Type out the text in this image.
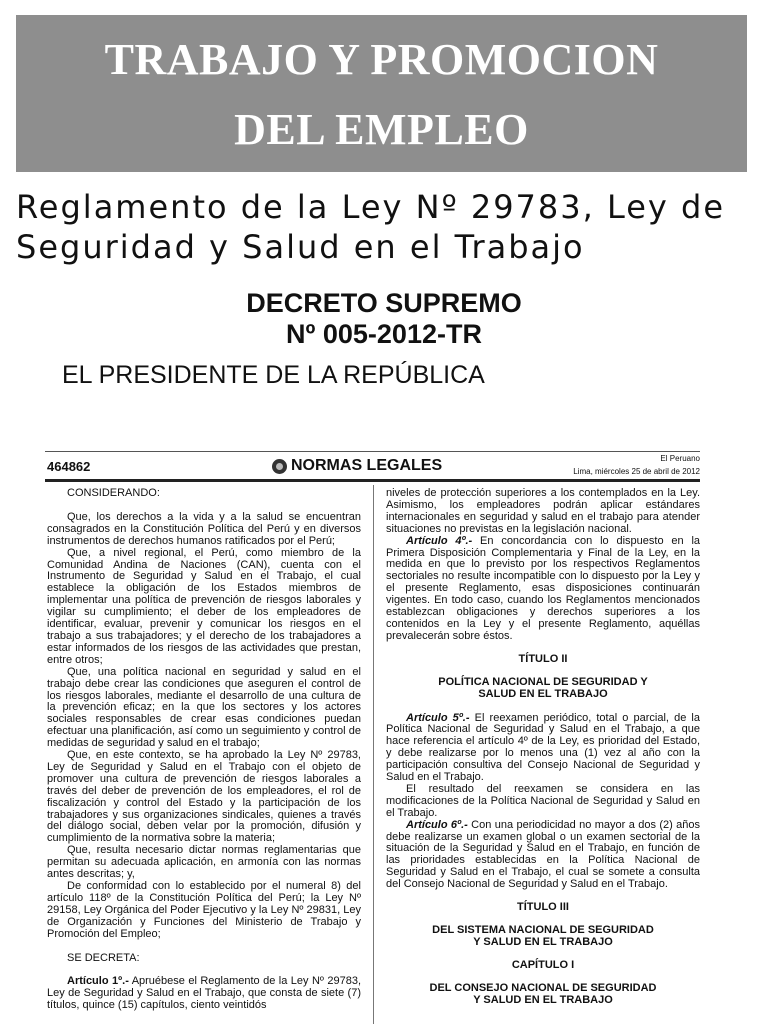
TRABAJO Y PROMOCION
DEL EMPLEO
Reglamento de la Ley Nº 29783, Ley de Seguridad y Salud en el Trabajo
DECRETO SUPREMO
Nº 005-2012-TR
EL PRESIDENTE DE LA REPÚBLICA
464862	NORMAS LEGALES	El Peruano
Lima, miércoles 25 de abril de 2012

CONSIDERANDO:

Que, los derechos a la vida y a la salud se encuentran consagrados en la Constitución Política del Perú y en diversos instrumentos de derechos humanos ratificados por el Perú;

Que, a nivel regional, el Perú, como miembro de la Comunidad Andina de Naciones (CAN), cuenta con el Instrumento de Seguridad y Salud en el Trabajo, el cual establece la obligación de los Estados miembros de implementar una política de prevención de riesgos laborales y vigilar su cumplimiento; el deber de los empleadores de identificar, evaluar, prevenir y comunicar los riesgos en el trabajo a sus trabajadores; y el derecho de los trabajadores a estar informados de los riesgos de las actividades que prestan, entre otros;

Que, una política nacional en seguridad y salud en el trabajo debe crear las condiciones que aseguren el control de los riesgos laborales, mediante el desarrollo de una cultura de la prevención eficaz; en la que los sectores y los actores sociales responsables de crear esas condiciones puedan efectuar una planificación, así como un seguimiento y control de medidas de seguridad y salud en el trabajo;

Que, en este contexto, se ha aprobado la Ley Nº 29783, Ley de Seguridad y Salud en el Trabajo con el objeto de promover una cultura de prevención de riesgos laborales a través del deber de prevención de los empleadores, el rol de fiscalización y control del Estado y la participación de los trabajadores y sus organizaciones sindicales, quienes a través del diálogo social, deben velar por la promoción, difusión y cumplimiento de la normativa sobre la materia;

Que, resulta necesario dictar normas reglamentarias que permitan su adecuada aplicación, en armonía con las normas antes descritas; y,

De conformidad con lo establecido por el numeral 8) del artículo 118º de la Constitución Política del Perú; la Ley Nº 29158, Ley Orgánica del Poder Ejecutivo y la Ley Nº 29831, Ley de Organización y Funciones del Ministerio de Trabajo y Promoción del Empleo;

SE DECRETA:

Artículo 1º.- Apruébese el Reglamento de la Ley Nº 29783, Ley de Seguridad y Salud en el Trabajo, que consta de siete (7) títulos, quince (15) capítulos, ciento veintidós

niveles de protección superiores a los contemplados en la Ley. Asimismo, los empleadores podrán aplicar estándares internacionales en seguridad y salud en el trabajo para atender situaciones no previstas en la legislación nacional.

Artículo 4º.- En concordancia con lo dispuesto en la Primera Disposición Complementaria y Final de la Ley, en la medida en que lo previsto por los respectivos Reglamentos sectoriales no resulte incompatible con lo dispuesto por la Ley y el presente Reglamento, esas disposiciones continuarán vigentes. En todo caso, cuando los Reglamentos mencionados establezcan obligaciones y derechos superiores a los contenidos en la Ley y el presente Reglamento, aquéllas prevalecerán sobre éstos.

TÍTULO II

POLÍTICA NACIONAL DE SEGURIDAD Y

SALUD EN EL TRABAJO

Artículo 5º.- El reexamen periódico, total o parcial, de la Política Nacional de Seguridad y Salud en el Trabajo, a que hace referencia el artículo 4º de la Ley, es prioridad del Estado, y debe realizarse por lo menos una (1) vez al año con la participación consultiva del Consejo Nacional de Seguridad y Salud en el Trabajo.

El resultado del reexamen se considera en las modificaciones de la Política Nacional de Seguridad y Salud en el Trabajo.

Artículo 6º.- Con una periodicidad no mayor a dos (2) años debe realizarse un examen global o un examen sectorial de la situación de la Seguridad y Salud en el Trabajo, en función de las prioridades establecidas en la Política Nacional de Seguridad y Salud en el Trabajo, el cual se somete a consulta del Consejo Nacional de Seguridad y Salud en el Trabajo.

TÍTULO III

DEL SISTEMA NACIONAL DE SEGURIDAD

Y SALUD EN EL TRABAJO

CAPÍTULO I

DEL CONSEJO NACIONAL DE SEGURIDAD

Y SALUD EN EL TRABAJO
